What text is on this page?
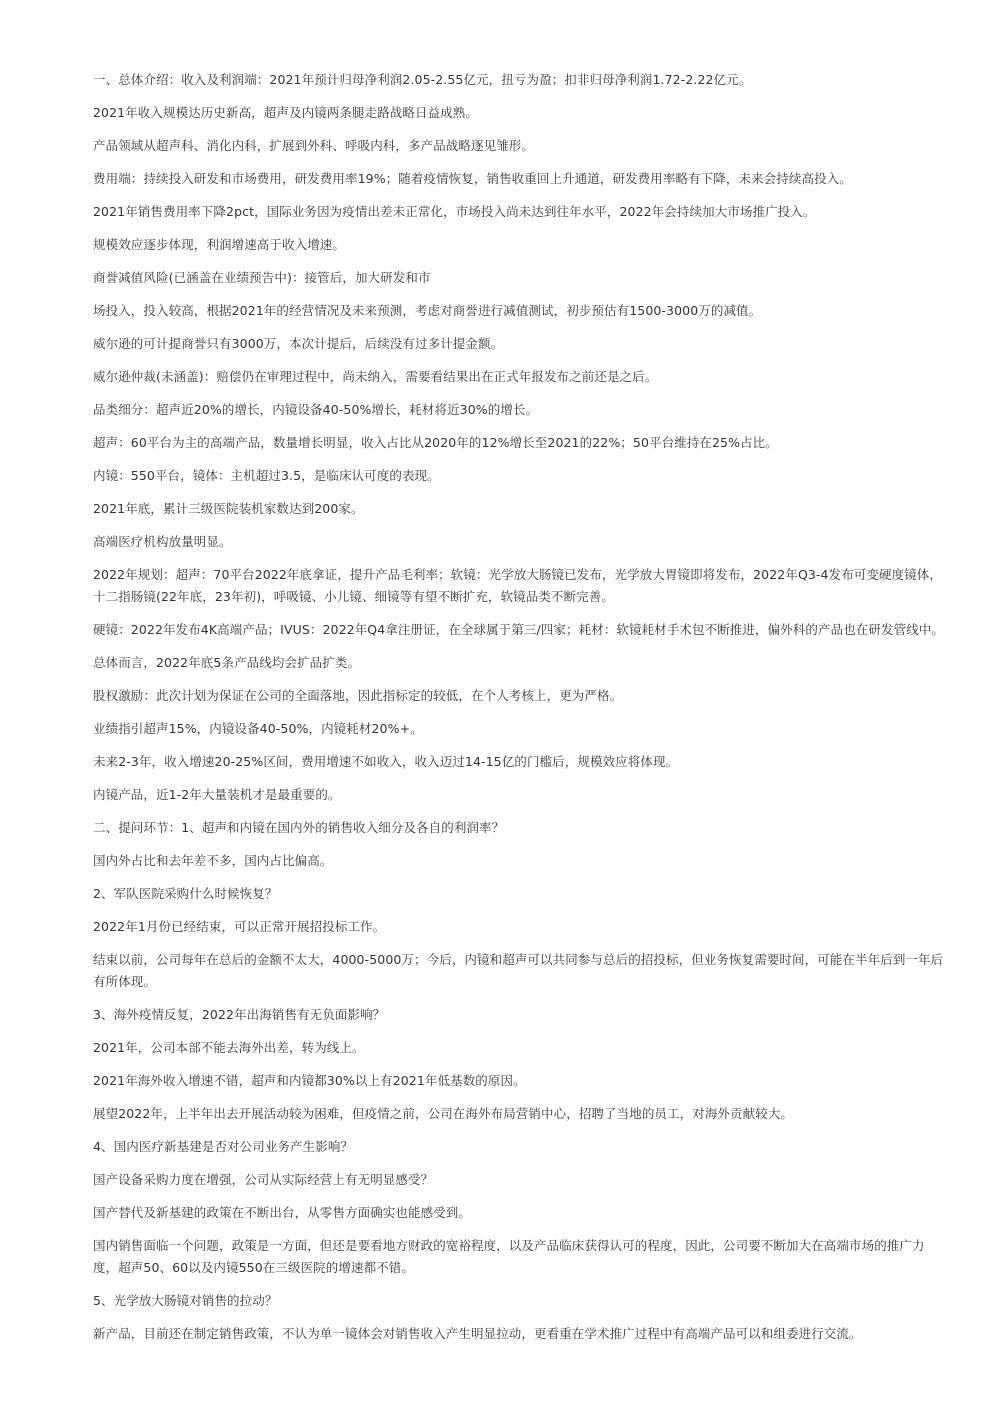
一、总体介绍：收入及利润端：2021年预计归母净利润2.05-2.55亿元，扭亏为盈；扣非归母净利润1.72-2.22亿元。

2021年收入规模达历史新高，超声及内镜两条腿走路战略日益成熟。

产品领域从超声科、消化内科，扩展到外科、呼吸内科，多产品战略逐见雏形。

费用端：持续投入研发和市场费用，研发费用率19%；随着疫情恢复，销售收重回上升通道，研发费用率略有下降，未来会持续高投入。

2021年销售费用率下降2pct，国际业务因为疫情出差未正常化，市场投入尚未达到往年水平，2022年会持续加大市场推广投入。

规模效应逐步体现，利润增速高于收入增速。

商誉减值风险(已涵盖在业绩预告中)：接管后，加大研发和市

场投入，投入较高，根据2021年的经营情况及未来预测，考虑对商誉进行减值测试，初步预估有1500-3000万的减值。

威尔逊的可计提商誉只有3000万，本次计提后，后续没有过多计提金额。

威尔逊仲裁(未涵盖)：赔偿仍在审理过程中，尚未纳入，需要看结果出在正式年报发布之前还是之后。

品类细分：超声近20%的增长，内镜设备40-50%增长，耗材将近30%的增长。

超声：60平台为主的高端产品，数量增长明显，收入占比从2020年的12%增长至2021的22%；50平台维持在25%占比。

内镜：550平台，镜体：主机超过3.5，是临床认可度的表现。

2021年底，累计三级医院装机家数达到200家。

高端医疗机构放量明显。

2022年规划：超声：70平台2022年底拿证，提升产品毛利率；软镜：光学放大肠镜已发布，光学放大胃镜即将发布，2022年Q3-4发布可变硬度镜体，十二指肠镜(22年底，23年初)，呼吸镜、小儿镜、细镜等有望不断扩充，软镜品类不断完善。

硬镜：2022年发布4K高端产品；IVUS：2022年Q4拿注册证，在全球属于第三/四家；耗材：软镜耗材手术包不断推进，偏外科的产品也在研发管线中。

总体而言，2022年底5条产品线均会扩品扩类。

股权激励：此次计划为保证在公司的全面落地，因此指标定的较低，在个人考核上，更为严格。

业绩指引超声15%，内镜设备40-50%，内镜耗材20%+。

未来2-3年，收入增速20-25%区间，费用增速不如收入，收入迈过14-15亿的门槛后，规模效应将体现。

内镜产品，近1-2年大量装机才是最重要的。

二、提问环节：1、超声和内镜在国内外的销售收入细分及各自的利润率？

国内外占比和去年差不多，国内占比偏高。

2、军队医院采购什么时候恢复？

2022年1月份已经结束，可以正常开展招投标工作。

结束以前，公司每年在总后的金额不太大，4000-5000万；今后，内镜和超声可以共同参与总后的招投标，但业务恢复需要时间，可能在半年后到一年后有所体现。

3、海外疫情反复，2022年出海销售有无负面影响？

2021年，公司本部不能去海外出差，转为线上。

2021年海外收入增速不错，超声和内镜都30%以上有2021年低基数的原因。

展望2022年，上半年出去开展活动较为困难，但疫情之前，公司在海外布局营销中心，招聘了当地的员工，对海外贡献较大。

4、国内医疗新基建是否对公司业务产生影响？

国产设备采购力度在增强，公司从实际经营上有无明显感受？

国产替代及新基建的政策在不断出台，从零售方面确实也能感受到。

国内销售面临一个问题，政策是一方面，但还是要看地方财政的宽裕程度，以及产品临床获得认可的程度，因此，公司要不断加大在高端市场的推广力度，超声50、60以及内镜550在三级医院的增速都不错。

5、光学放大肠镜对销售的拉动？

新产品，目前还在制定销售政策，不认为单一镜体会对销售收入产生明显拉动，更看重在学术推广过程中有高端产品可以和组委进行交流。
